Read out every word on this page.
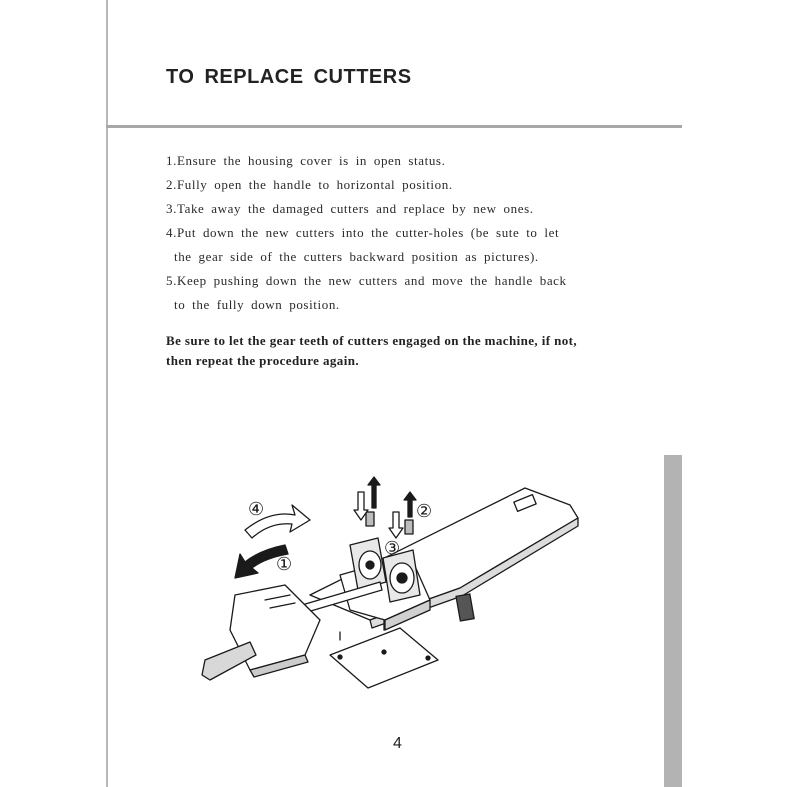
TO REPLACE CUTTERS

1.Ensure the housing cover is in open status.

2.Fully open the handle to horizontal position.

3.Take away the damaged cutters and replace by new ones.

4.Put down the new cutters into the cutter-holes (be sute to let
the gear side of the cutters backward position as pictures).

5.Keep pushing down the new cutters and move the handle back
to the fully down position.

Be sure to let the gear teeth of cutters engaged on the machine, if not, then repeat the procedure again.

④
①
②
③

4
